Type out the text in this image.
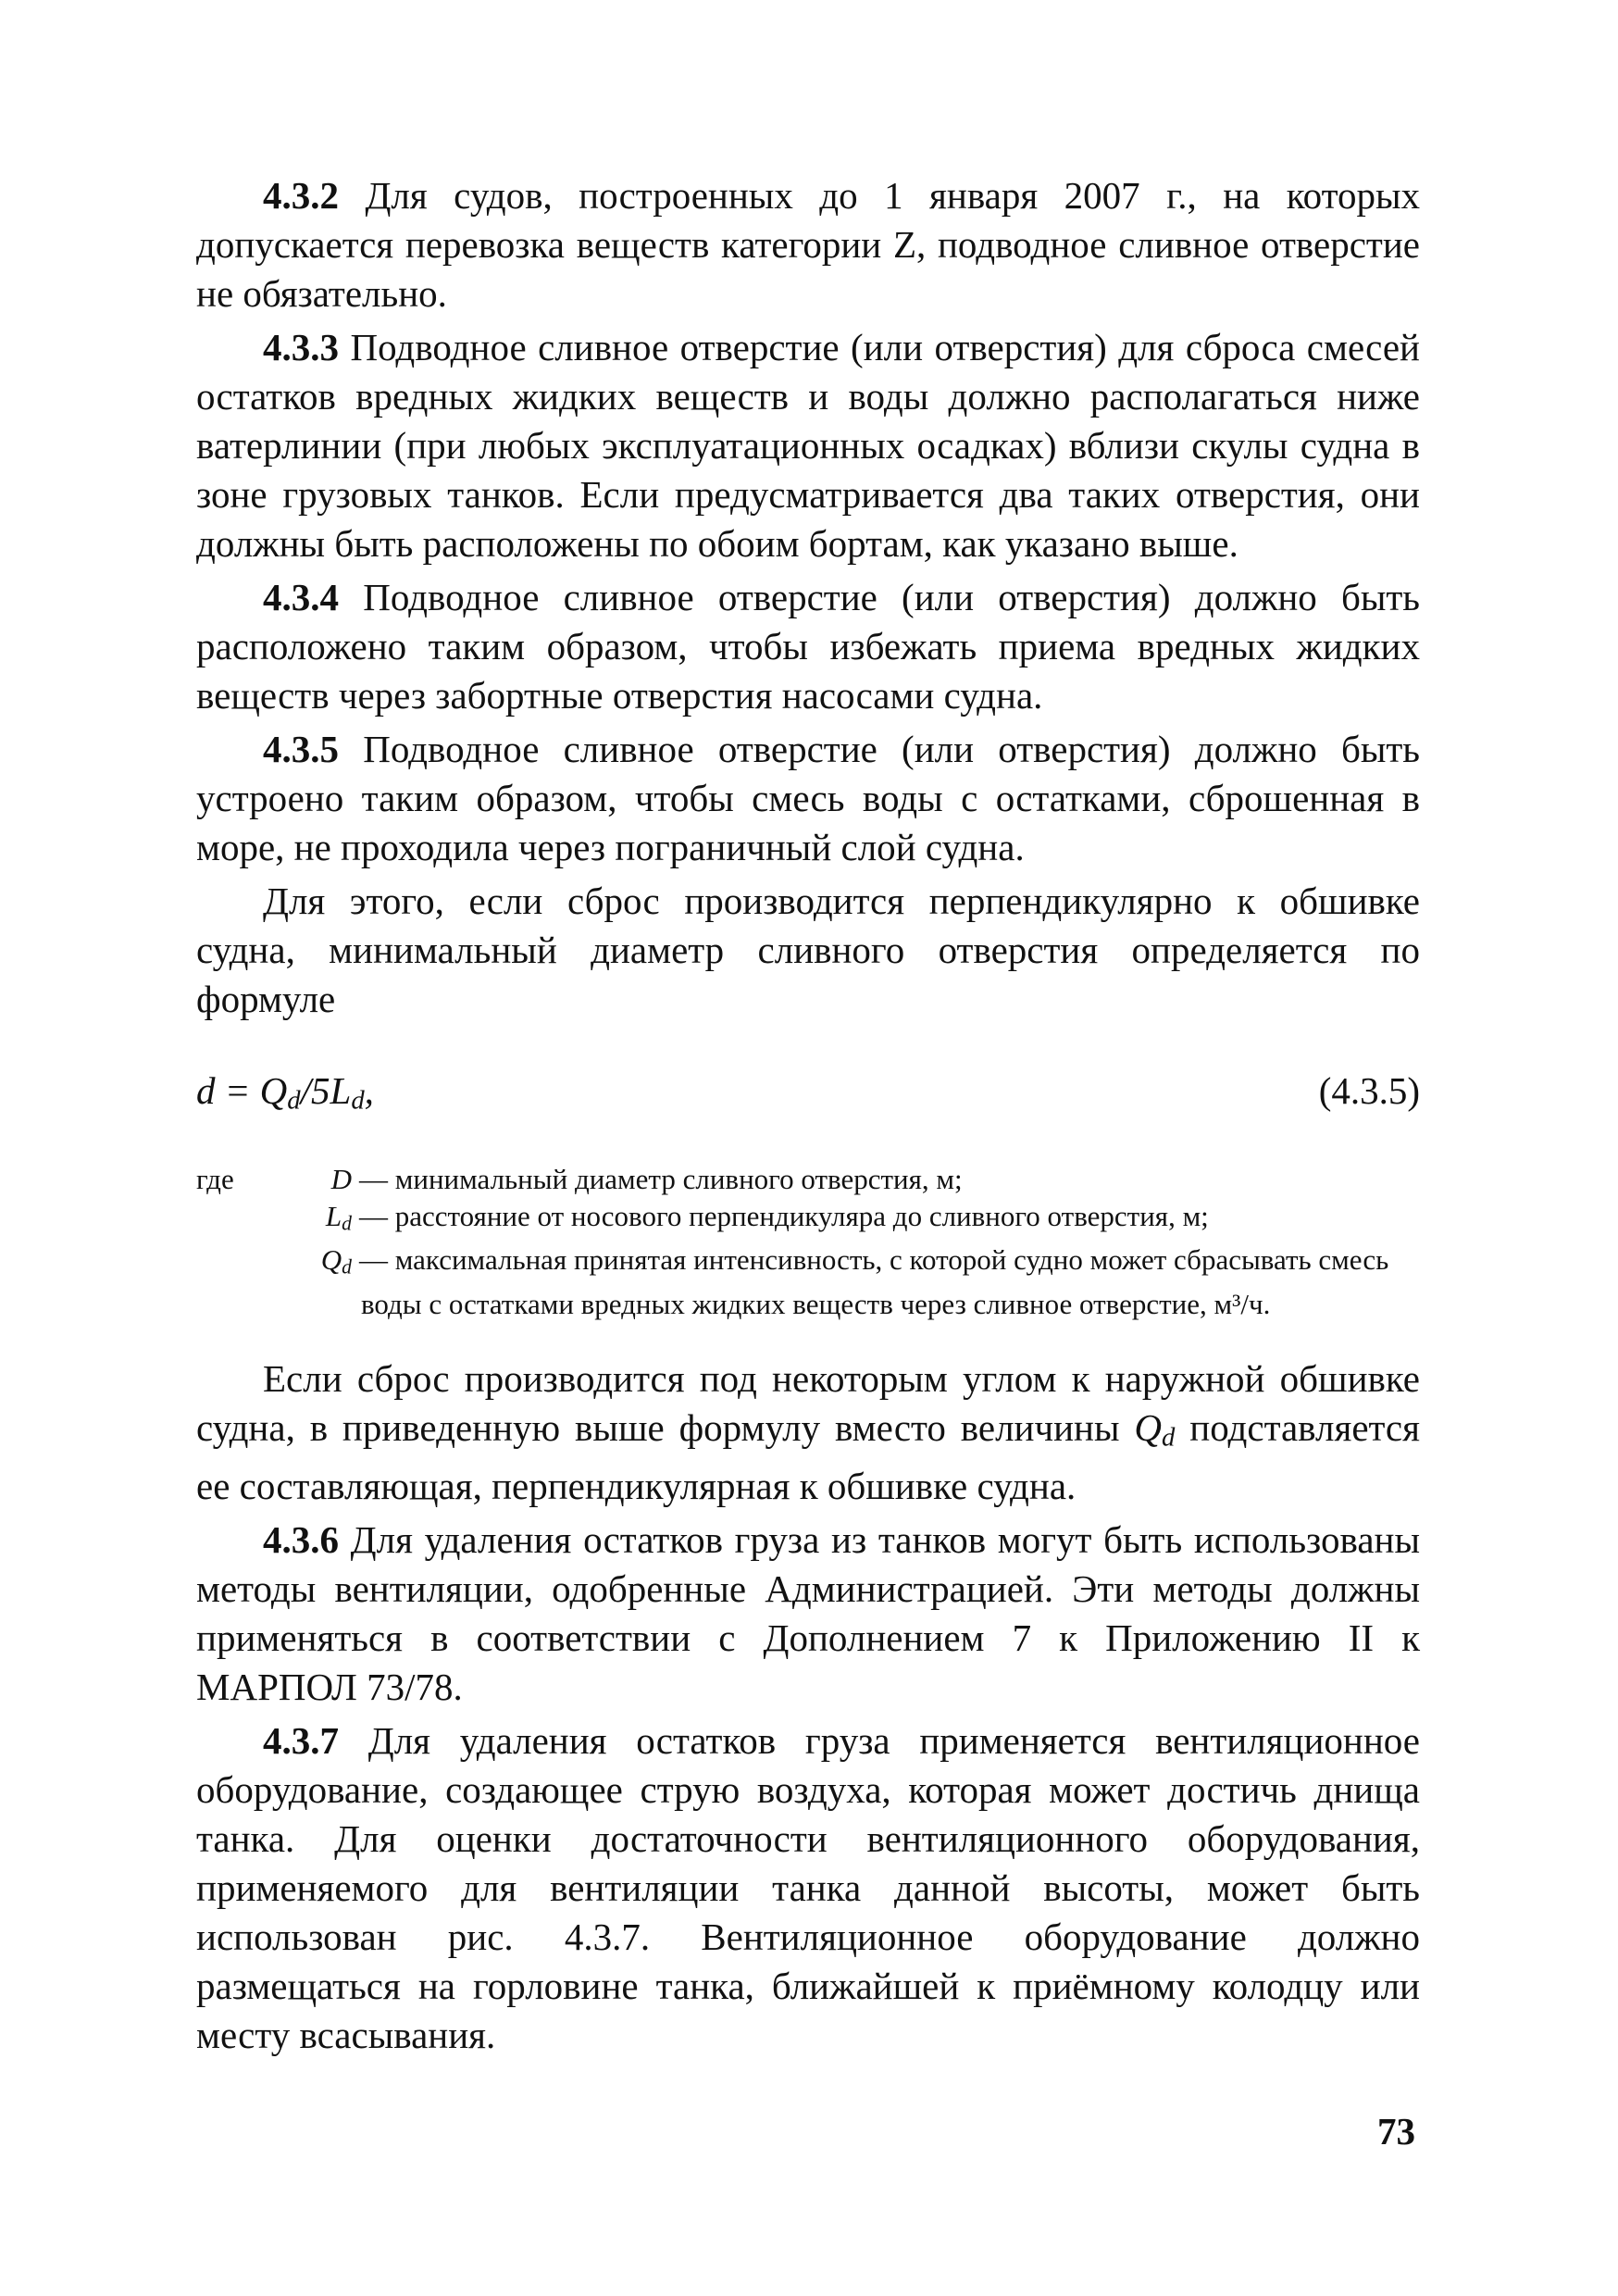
4.3.2 Для судов, построенных до 1 января 2007 г., на которых допускается перевозка веществ категории Z, подводное сливное отверстие не обязательно.

4.3.3 Подводное сливное отверстие (или отверстия) для сброса смесей остатков вредных жидких веществ и воды должно располагаться ниже ватерлинии (при любых эксплуатационных осадках) вблизи скулы судна в зоне грузовых танков. Если предусматривается два таких отверстия, они должны быть расположены по обоим бортам, как указано выше.

4.3.4 Подводное сливное отверстие (или отверстия) должно быть расположено таким образом, чтобы избежать приема вредных жидких веществ через забортные отверстия насосами судна.

4.3.5 Подводное сливное отверстие (или отверстия) должно быть устроено таким образом, чтобы смесь воды с остатками, сброшенная в море, не проходила через пограничный слой судна.

Для этого, если сброс производится перпендикулярно к обшивке судна, минимальный диаметр сливного отверстия определяется по формуле

$d = Q_d/5L_d$,	(4.3.5)
где	D — минимальный диаметр сливного отверстия, м;
$L_d$ — расстояние от носового перпендикуляра до сливного отверстия, м;
$Q_d$ — максимальная принятая интенсивность, с которой судно может сбрасывать смесь
воды с остатками вредных жидких веществ через сливное отверстие, м³/ч.

Если сброс производится под некоторым углом к наружной обшивке судна, в приведенную выше формулу вместо величины $Q_d$ подставляется ее составляющая, перпендикулярная к обшивке судна.

4.3.6 Для удаления остатков груза из танков могут быть использованы методы вентиляции, одобренные Администрацией. Эти методы должны применяться в соответствии с Дополнением 7 к Приложению II к МАРПОЛ 73/78.

4.3.7 Для удаления остатков груза применяется вентиляционное оборудование, создающее струю воздуха, которая может достичь днища танка. Для оценки достаточности вентиляционного оборудования, применяемого для вентиляции танка данной высоты, может быть использован рис. 4.3.7. Вентиляционное оборудование должно размещаться на горловине танка, ближайшей к приёмному колодцу или месту всасывания.

73
